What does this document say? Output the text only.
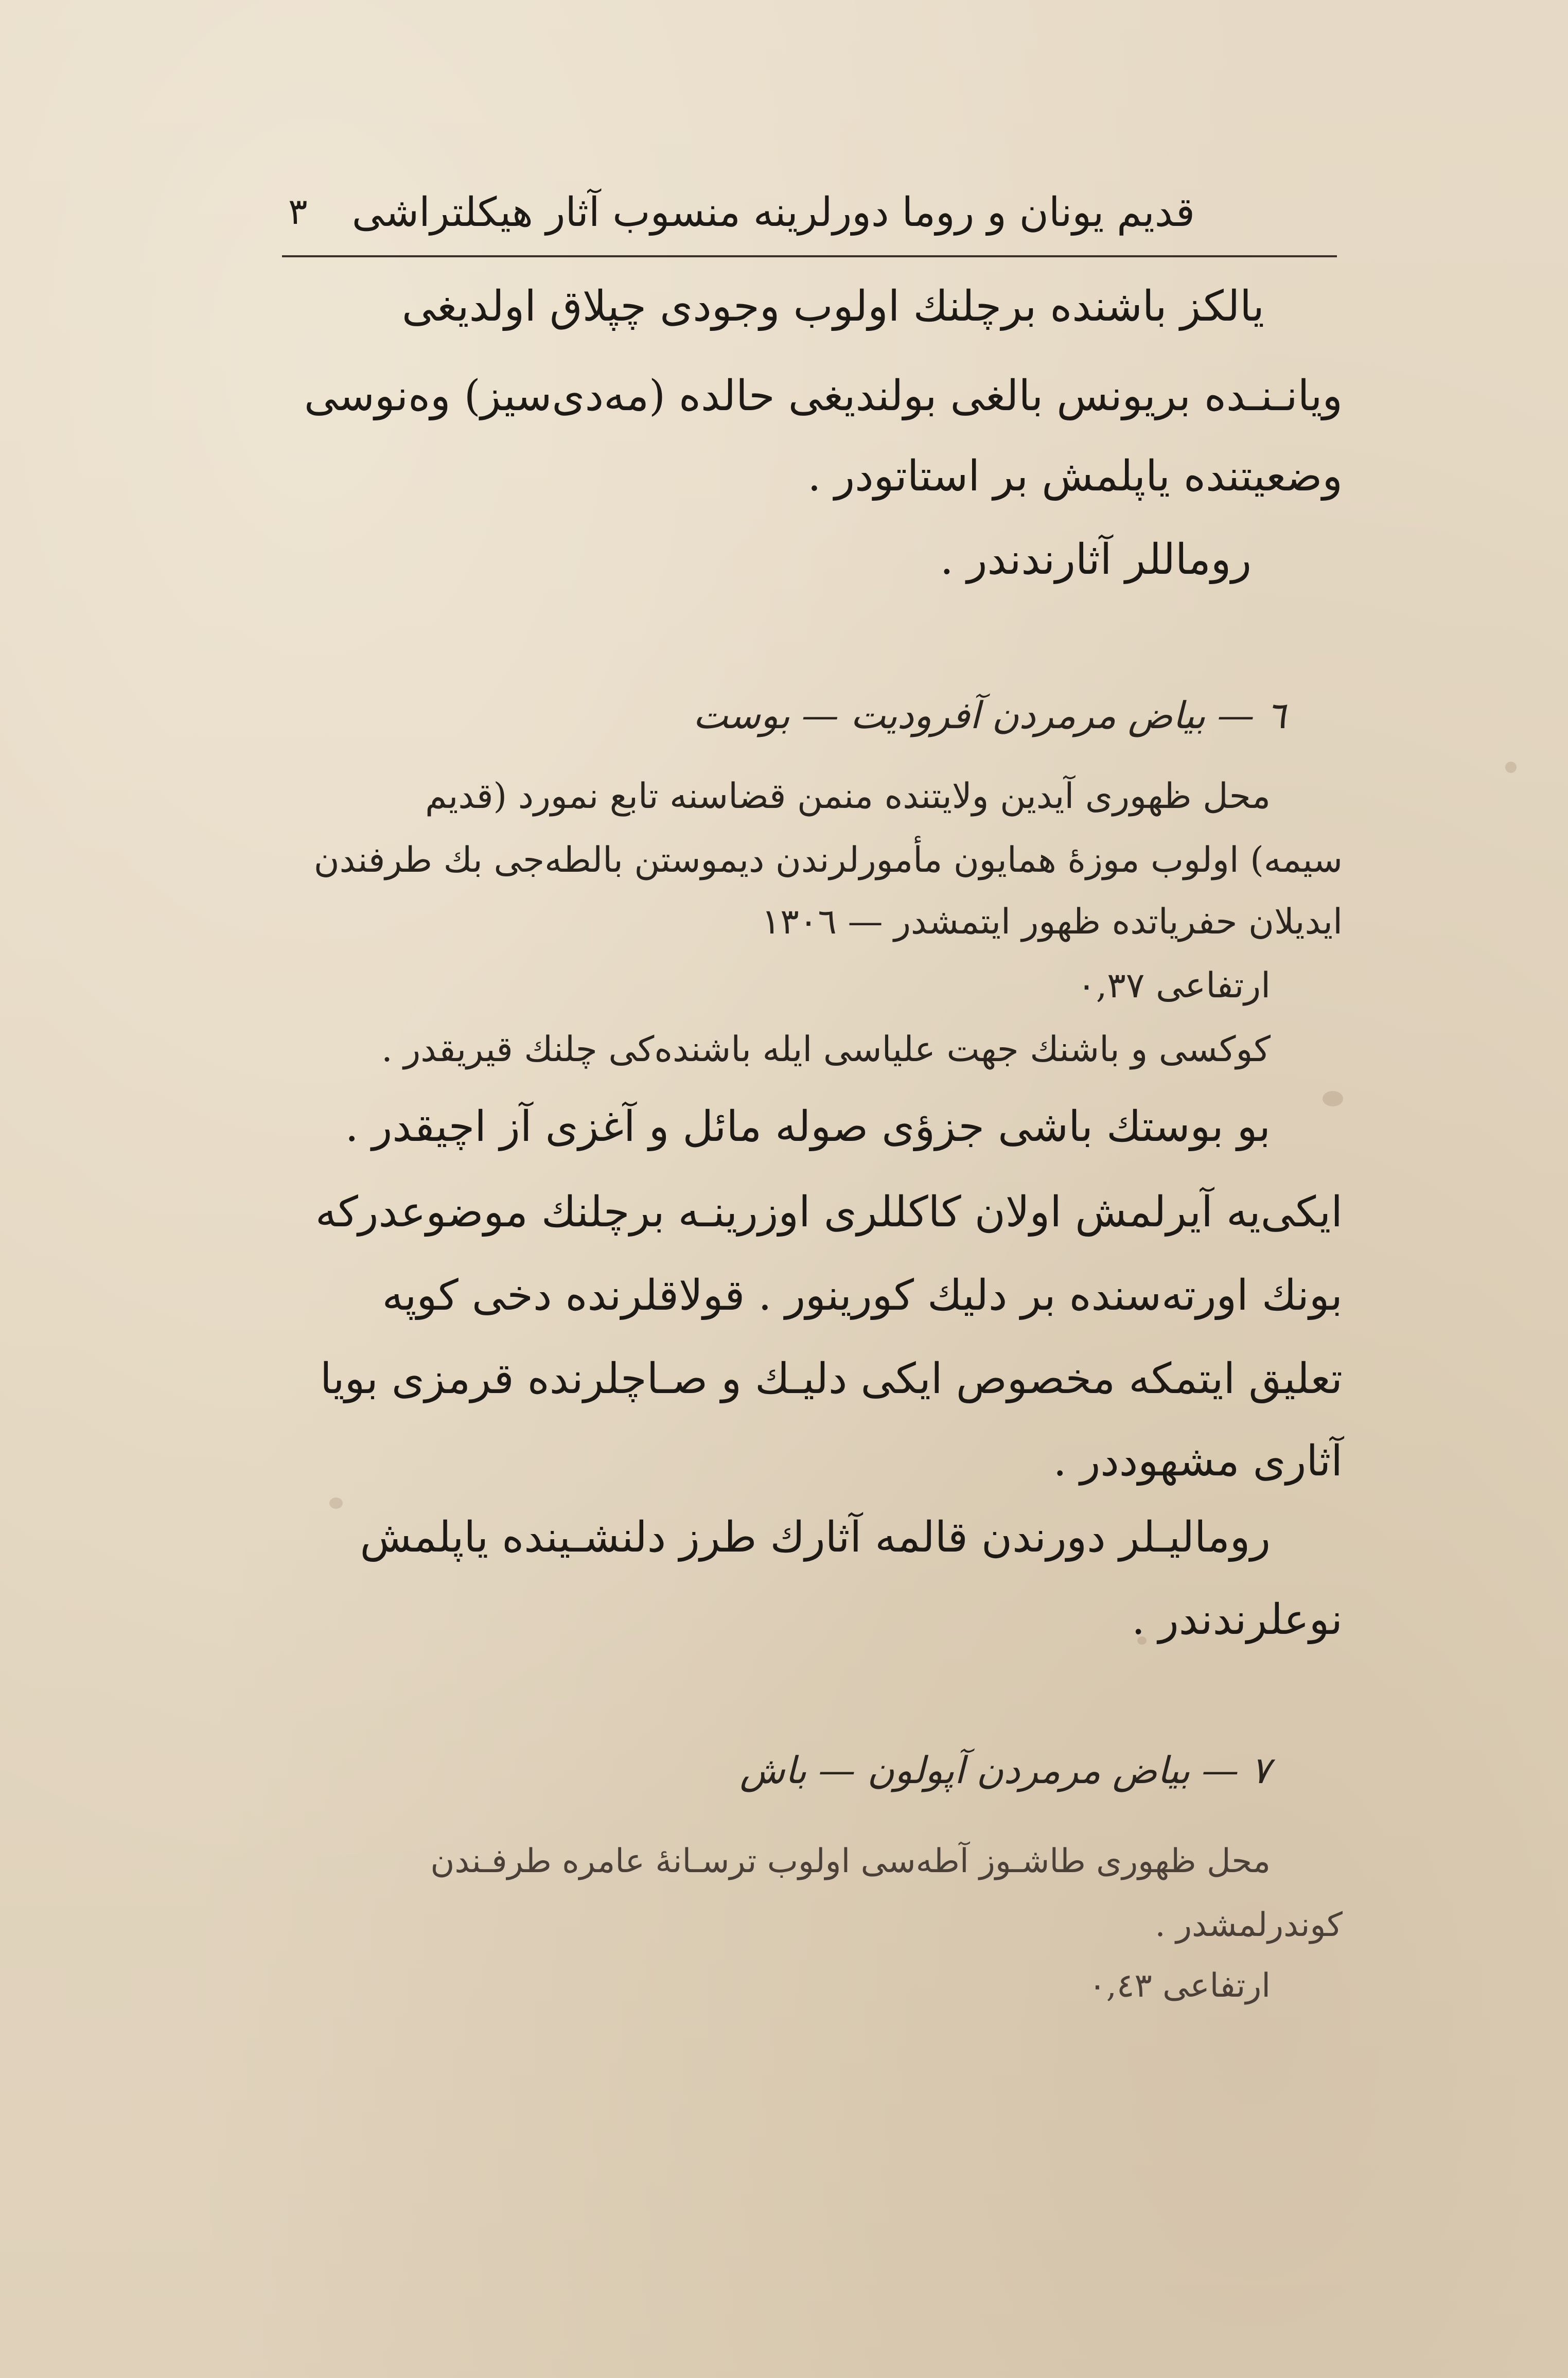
قدیم یونان و روما دورلرینه منسوب آثار هیکلتراشی
٣
یالکز باشنده برچلنك اولوب وجودی چپلاق اولدیغی
ویانـنـده بریونس بالغی بولندیغی حالده (مه‌دی‌سیز) وه‌نوسی
وضعیتنده یاپلمش بر استاتودر .
روماللر آثارندندر .
٦ — بیاض مرمردن آفرودیت — بوست
محل ظهوری آیدین ولایتنده منمن قضاسنه تابع نمورد (قدیم
سیمه) اولوب موزهٔ همایون مأمورلرندن دیموستن بالطه‌جی بك طرفندن
ایدیلان حفریاتده ظهور ایتمشدر — ١٣٠٦
ارتفاعی ٠,٣٧
کوکسی و باشنك جهت علیاسی ایله باشنده‌کی چلنك قیریقدر .
بو بوستك باشی جزؤی صوله مائل و آغزی آز اچیقدر .
ایکی‌یه آیرلمش اولان کاکللری اوزرینـه برچلنك موضوعدرکه
بونك اورته‌سنده بر دلیك کورینور . قولاقلرنده دخی کوپه
تعلیق ایتمکه مخصوص ایکی دلیـك و صـاچلرنده قرمزی بویا
آثاری مشهوددر .
رومالیـلر دورندن قالمه آثارك طرز دلنشـینده یاپلمش
نوعلرندندر .
٧ — بیاض مرمردن آپولون — باش
محل ظهوری طاشـوز آطه‌سی اولوب ترسـانهٔ عامره طرفـندن
کوندرلمشدر .
ارتفاعی ٠,٤٣
